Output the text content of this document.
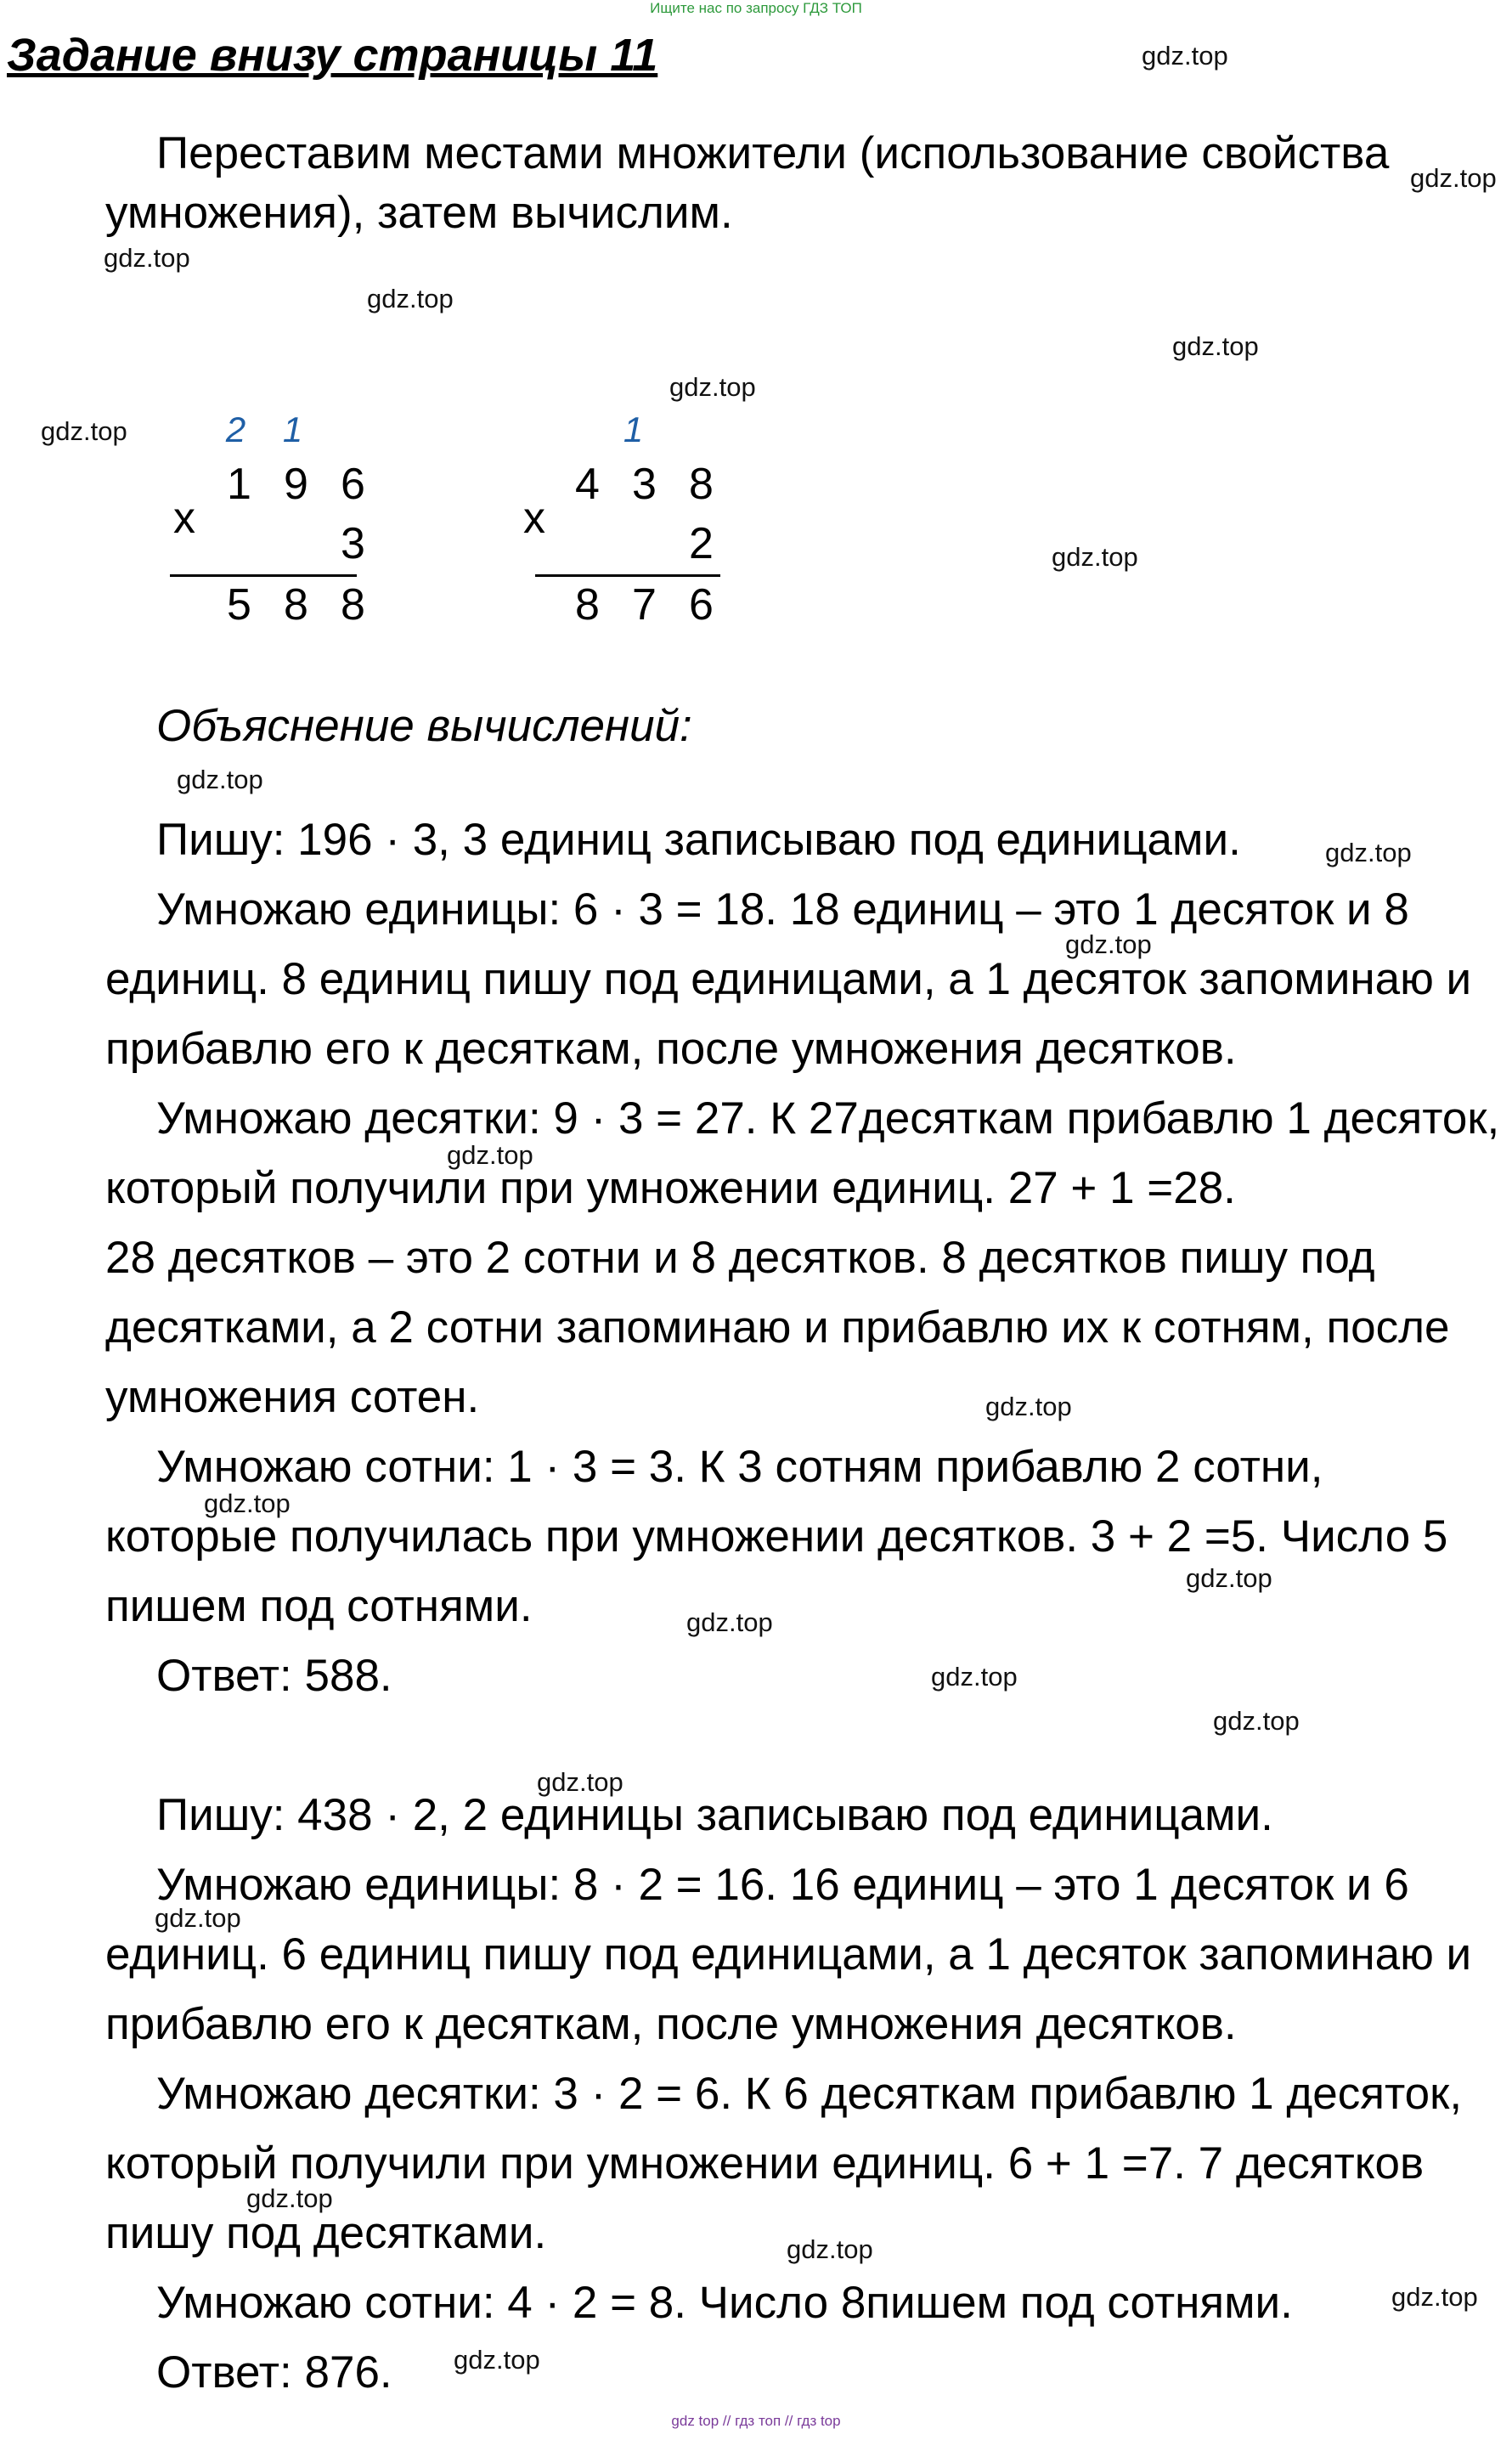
Ищите нас по запросу ГДЗ ТОП
Задание внизу страницы 11
Переставим местами множители (использование свойства
умножения), затем вычислим.
2 1
1 9 6
x
3
5 8 8
1
4 3 8
x
2
8 7 6
Объяснение вычислений:
Пишу: 196 · 3, 3 единиц записываю под единицами.
Умножаю единицы: 6 · 3 = 18. 18 единиц – это 1 десяток и 8
единиц. 8 единиц пишу под единицами, а 1 десяток запоминаю и
прибавлю его к десяткам, после умножения десятков.
Умножаю десятки: 9 · 3 = 27. К 27десяткам прибавлю 1 десяток,
который получили при умножении единиц. 27 + 1 =28.
28 десятков – это 2 сотни и 8 десятков. 8 десятков пишу под
десятками, а 2 сотни запоминаю и прибавлю их к сотням, после
умножения сотен.
Умножаю сотни: 1 · 3 = 3. К 3 сотням прибавлю 2 сотни,
которые получилась при умножении десятков. 3 + 2 =5. Число 5
пишем под сотнями.
Ответ: 588.
Пишу: 438 · 2, 2 единицы записываю под единицами.
Умножаю единицы: 8 · 2 = 16. 16 единиц – это 1 десяток и 6
единиц. 6 единиц пишу под единицами, а 1 десяток запоминаю и
прибавлю его к десяткам, после умножения десятков.
Умножаю десятки: 3 · 2 = 6. К 6 десяткам прибавлю 1 десяток,
который получили при умножении единиц. 6 + 1 =7. 7 десятков
пишу под десятками.
Умножаю сотни: 4 · 2 = 8. Число 8пишем под сотнями.
Ответ: 876.
gdz.top
gdz.top
gdz.top
gdz.top
gdz.top
gdz.top
gdz.top
gdz.top
gdz.top
gdz.top
gdz.top
gdz.top
gdz.top
gdz.top
gdz.top
gdz.top
gdz.top
gdz.top
gdz.top
gdz.top
gdz.top
gdz.top
gdz.top
gdz.top
gdz top // гдз топ // гдз top
